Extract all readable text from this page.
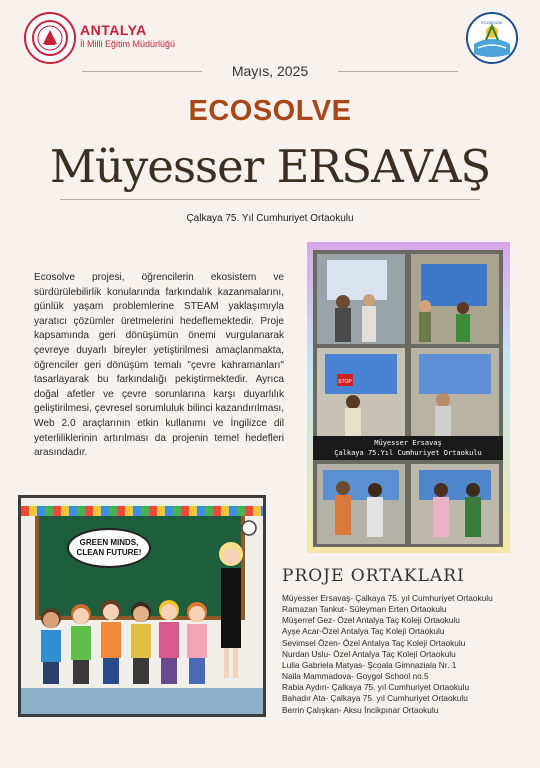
ANTALYA
İl Milli Eğitim Müdürlüğü
ECOSOLVE
Mayıs, 2025
ECOSOLVE
Müyesser ERSAVAŞ
Çalkaya 75. Yıl Cumhuriyet Ortaokulu
Ecosolve projesi, öğrencilerin ekosistem ve sürdürülebilirlik konularında farkındalık kazanmalarını, günlük yaşam problemlerine STEAM yaklaşımıyla yaratıcı çözümler üretmelerini hedeflemektedir. Proje kapsamında geri dönüşümün önemi vurgulanarak çevreye duyarlı bireyler yetiştirilmesi amaçlanmakta, öğrenciler geri dönüşüm temalı "çevre kahramanları" tasarlayarak bu farkındalığı pekiştirmektedir. Ayrıca doğal afetler ve çevre sorunlarına karşı duyarlılık geliştirilmesi, çevresel sorumluluk bilinci kazandırılması, Web 2.0 araçlarının etkin kullanımı ve İngilizce dil yeterliliklerinin artırılması da projenin temel hedefleri arasındadır.
STOP
Müyesser Ersavaş
Çalkaya 75.Yıl Cumhuriyet Ortaokulu
GREEN MINDS,
CLEAN FUTURE!
PROJE ORTAKLARI
Müyesser Ersavaş- Çalkaya 75. yıl Cumhuriyet Ortaokulu
Ramazan Tankut- Süleyman Erten Ortaokulu
Müşerref Gez- Özel Antalya Taç Koleji Ortaokulu
Ayşe Acar-Özel Antalya Taç Koleji Ortaokulu
Sevimsel Özen- Özel Antalya Taç Koleji Ortaokulu
Nurdan Uslu- Özel Antalya Taç Koleji Ortaokulu
Lulia Gabriela Matyas- Şcoala Gimnaziala Nr. 1
Naila Mammadova- Goygol School no.5
Rabia Aydın- Çalkaya 75. yıl Cumhuriyet Ortaokulu
Bahadır Ata- Çalkaya 75. yıl Cumhuriyet Ortaokulu
Berrin Çalışkan- Aksu İncikpınar Ortaokulu
